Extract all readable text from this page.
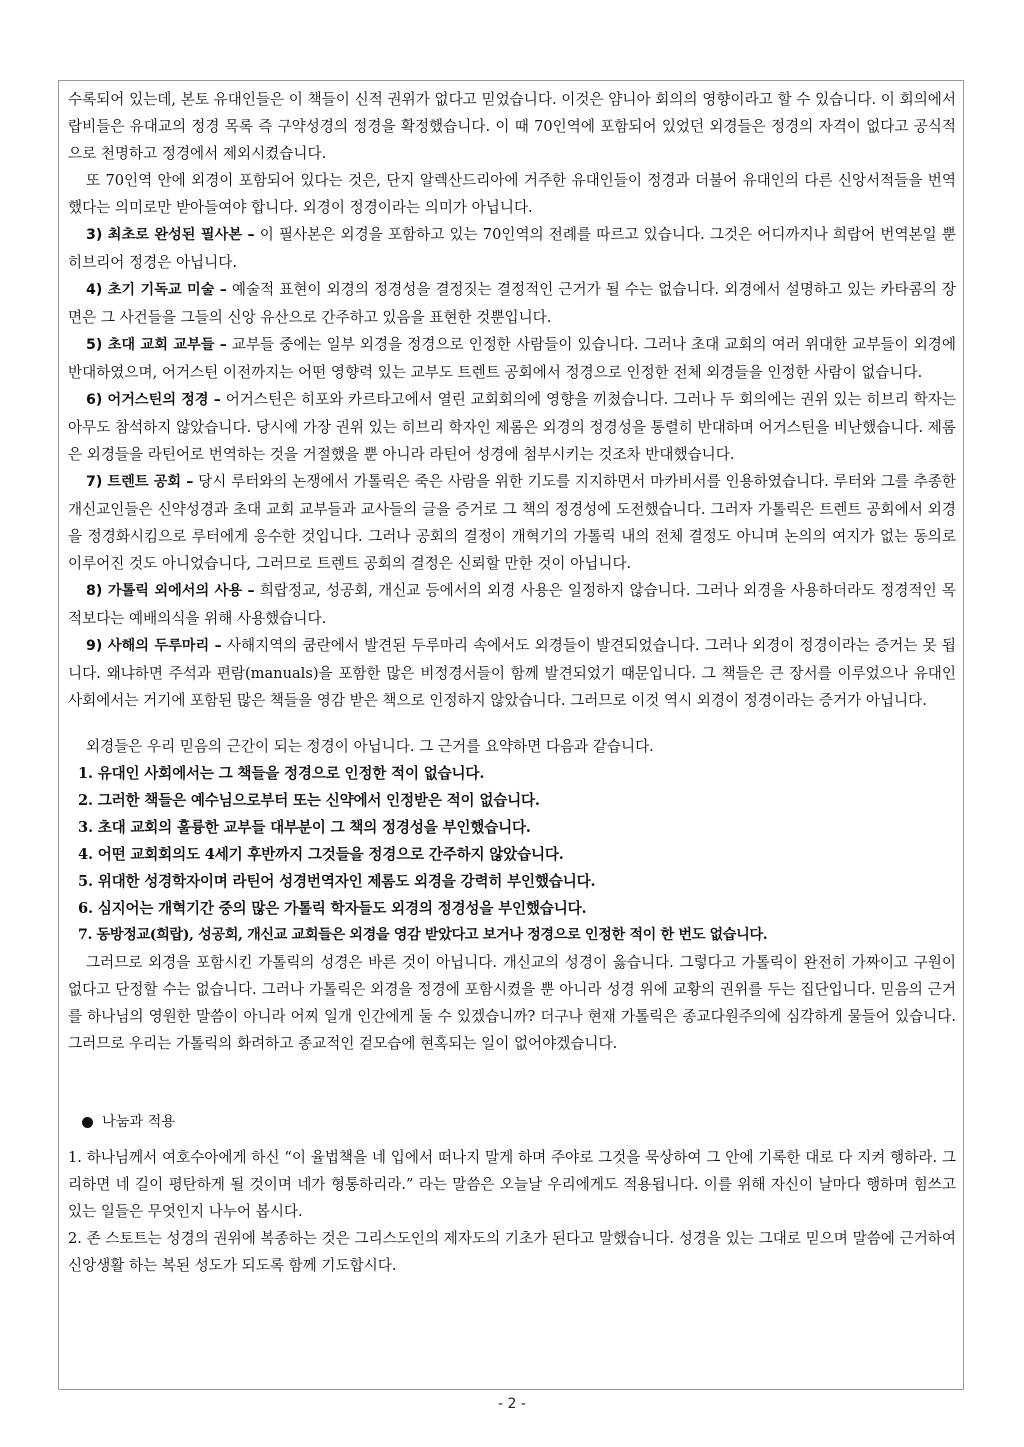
수록되어 있는데, 본토 유대인들은 이 책들이 신적 권위가 없다고 믿었습니다. 이것은 얌니아 회의의 영향이라고 할 수 있습니다. 이 회의에서 랍비들은 유대교의 정경 목록 즉 구약성경의 정경을 확정했습니다. 이 때 70인역에 포함되어 있었던 외경들은 정경의 자격이 없다고 공식적으로 천명하고 정경에서 제외시켰습니다.

또 70인역 안에 외경이 포함되어 있다는 것은, 단지 알렉산드리아에 거주한 유대인들이 정경과 더불어 유대인의 다른 신앙서적들을 번역했다는 의미로만 받아들여야 합니다. 외경이 정경이라는 의미가 아닙니다.

3) 최초로 완성된 필사본 – 이 필사본은 외경을 포함하고 있는 70인역의 전례를 따르고 있습니다. 그것은 어디까지나 희랍어 번역본일 뿐 히브리어 정경은 아닙니다.

4) 초기 기독교 미술 – 예술적 표현이 외경의 정경성을 결정짓는 결정적인 근거가 될 수는 없습니다. 외경에서 설명하고 있는 카타콤의 장면은 그 사건들을 그들의 신앙 유산으로 간주하고 있음을 표현한 것뿐입니다.

5) 초대 교회 교부들 – 교부들 중에는 일부 외경을 정경으로 인정한 사람들이 있습니다. 그러나 초대 교회의 여러 위대한 교부들이 외경에 반대하였으며, 어거스틴 이전까지는 어떤 영향력 있는 교부도 트렌트 공회에서 정경으로 인정한 전체 외경들을 인정한 사람이 없습니다.

6) 어거스틴의 정경 – 어거스틴은 히포와 카르타고에서 열린 교회회의에 영향을 끼쳤습니다. 그러나 두 회의에는 권위 있는 히브리 학자는 아무도 참석하지 않았습니다. 당시에 가장 권위 있는 히브리 학자인 제롬은 외경의 정경성을 통렬히 반대하며 어거스틴을 비난했습니다. 제롬은 외경들을 라틴어로 번역하는 것을 거절했을 뿐 아니라 라틴어 성경에 첨부시키는 것조차 반대했습니다.

7) 트렌트 공회 – 당시 루터와의 논쟁에서 가톨릭은 죽은 사람을 위한 기도를 지지하면서 마카비서를 인용하였습니다. 루터와 그를 추종한 개신교인들은 신약성경과 초대 교회 교부들과 교사들의 글을 증거로 그 책의 정경성에 도전했습니다. 그러자 가톨릭은 트렌트 공회에서 외경을 정경화시킴으로 루터에게 응수한 것입니다. 그러나 공회의 결정이 개혁기의 가톨릭 내의 전체 결정도 아니며 논의의 여지가 없는 동의로 이루어진 것도 아니었습니다, 그러므로 트렌트 공회의 결정은 신뢰할 만한 것이 아닙니다.

8) 가톨릭 외에서의 사용 – 희랍정교, 성공회, 개신교 등에서의 외경 사용은 일정하지 않습니다. 그러나 외경을 사용하더라도 정경적인 목적보다는 예배의식을 위해 사용했습니다.

9) 사해의 두루마리 – 사해지역의 쿰란에서 발견된 두루마리 속에서도 외경들이 발견되었습니다. 그러나 외경이 정경이라는 증거는 못 됩니다. 왜냐하면 주석과 편람(manuals)을 포함한 많은 비정경서들이 함께 발견되었기 때문입니다. 그 책들은 큰 장서를 이루었으나 유대인 사회에서는 거기에 포함된 많은 책들을 영감 받은 책으로 인정하지 않았습니다. 그러므로 이것 역시 외경이 정경이라는 증거가 아닙니다.

외경들은 우리 믿음의 근간이 되는 정경이 아닙니다. 그 근거를 요약하면 다음과 같습니다.

1. 유대인 사회에서는 그 책들을 정경으로 인정한 적이 없습니다.

2. 그러한 책들은 예수님으로부터 또는 신약에서 인정받은 적이 없습니다.

3. 초대 교회의 훌륭한 교부들 대부분이 그 책의 정경성을 부인했습니다.

4. 어떤 교회회의도 4세기 후반까지 그것들을 정경으로 간주하지 않았습니다.

5. 위대한 성경학자이며 라틴어 성경번역자인 제롬도 외경을 강력히 부인했습니다.

6. 심지어는 개혁기간 중의 많은 가톨릭 학자들도 외경의 정경성을 부인했습니다.

7. 동방정교(희랍), 성공회, 개신교 교회들은 외경을 영감 받았다고 보거나 정경으로 인정한 적이 한 번도 없습니다.

그러므로 외경을 포함시킨 가톨릭의 성경은 바른 것이 아닙니다. 개신교의 성경이 옳습니다. 그렇다고 가톨릭이 완전히 가짜이고 구원이 없다고 단정할 수는 없습니다. 그러나 가톨릭은 외경을 정경에 포함시켰을 뿐 아니라 성경 위에 교황의 권위를 두는 집단입니다. 믿음의 근거를 하나님의 영원한 말씀이 아니라 어찌 일개 인간에게 둘 수 있겠습니까? 더구나 현재 가톨릭은 종교다원주의에 심각하게 물들어 있습니다. 그러므로 우리는 가톨릭의 화려하고 종교적인 겉모습에 현혹되는 일이 없어야겠습니다.

나눔과 적용

1. 하나님께서 여호수아에게 하신 “이 율법책을 네 입에서 떠나지 말게 하며 주야로 그것을 묵상하여 그 안에 기록한 대로 다 지켜 행하라. 그리하면 네 길이 평탄하게 될 것이며 네가 형통하리라.” 라는 말씀은 오늘날 우리에게도 적용됩니다. 이를 위해 자신이 날마다 행하며 힘쓰고 있는 일들은 무엇인지 나누어 봅시다.

2. 존 스토트는 성경의 권위에 복종하는 것은 그리스도인의 제자도의 기초가 된다고 말했습니다. 성경을 있는 그대로 믿으며 말씀에 근거하여 신앙생활 하는 복된 성도가 되도록 함께 기도합시다.

- 2 -
